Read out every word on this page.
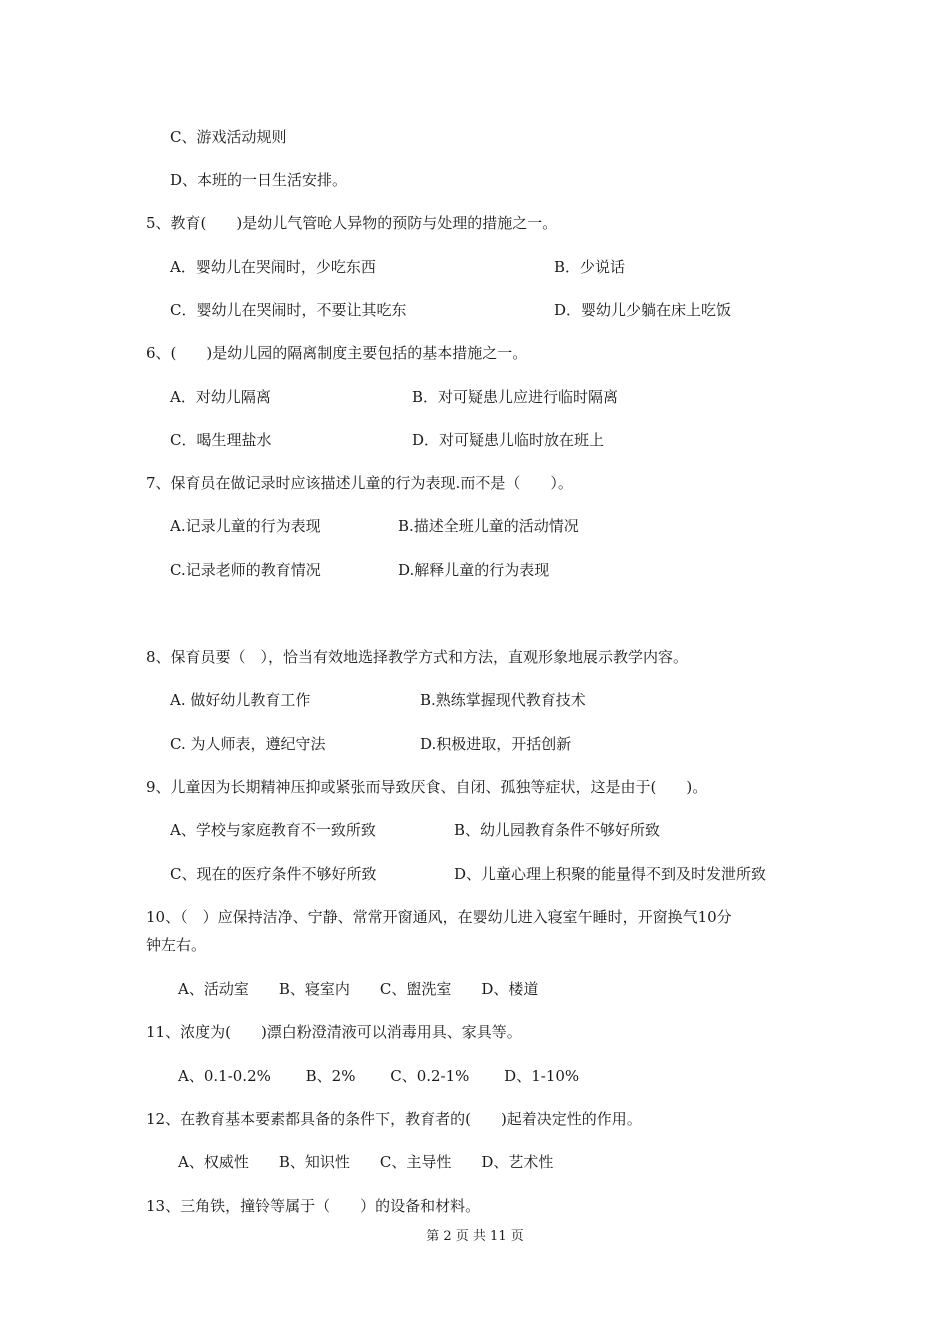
C、游戏活动规则
D、本班的一日生活安排。
5、教育(　　)是幼儿气管呛人异物的预防与处理的措施之一。
A．婴幼儿在哭闹时，少吃东西	B．少说话
C．婴幼儿在哭闹时，不要让其吃东	D．婴幼儿少躺在床上吃饭
6、(　　)是幼儿园的隔离制度主要包括的基本措施之一。
A．对幼儿隔离	B．对可疑患儿应进行临时隔离
C．喝生理盐水	D．对可疑患儿临时放在班上
7、保育员在做记录时应该描述儿童的行为表现.而不是（　　）。
A.记录儿童的行为表现	B.描述全班儿童的活动情况
C.记录老师的教育情况	D.解释儿童的行为表现
8、保育员要（　），恰当有效地选择教学方式和方法，直观形象地展示教学内容。
A. 做好幼儿教育工作	B.熟练掌握现代教育技术
C. 为人师表，遵纪守法	D.积极进取，开括创新
9、儿童因为长期精神压抑或紧张而导致厌食、自闭、孤独等症状，这是由于(　　)。
A、学校与家庭教育不一致所致	B、幼儿园教育条件不够好所致
C、现在的医疗条件不够好所致	D、儿童心理上积聚的能量得不到及时发泄所致
10、（　）应保持洁净、宁静、常常开窗通风，在婴幼儿进入寝室午睡时，开窗换气10分
钟左右。
A、活动室　　B、寝室内　　C、盥洗室　　D、楼道
11、浓度为(　　)漂白粉澄清液可以消毒用具、家具等。
A、0.1-0.2%　　 B、2%　　 C、0.2-1%　　 D、1-10%
12、在教育基本要素都具备的条件下，教育者的(　　)起着决定性的作用。
A、权威性　　B、知识性　　C、主导性　　D、艺术性
13、三角铁，撞铃等属于（　　）的设备和材料。
第 2 页 共 11 页
